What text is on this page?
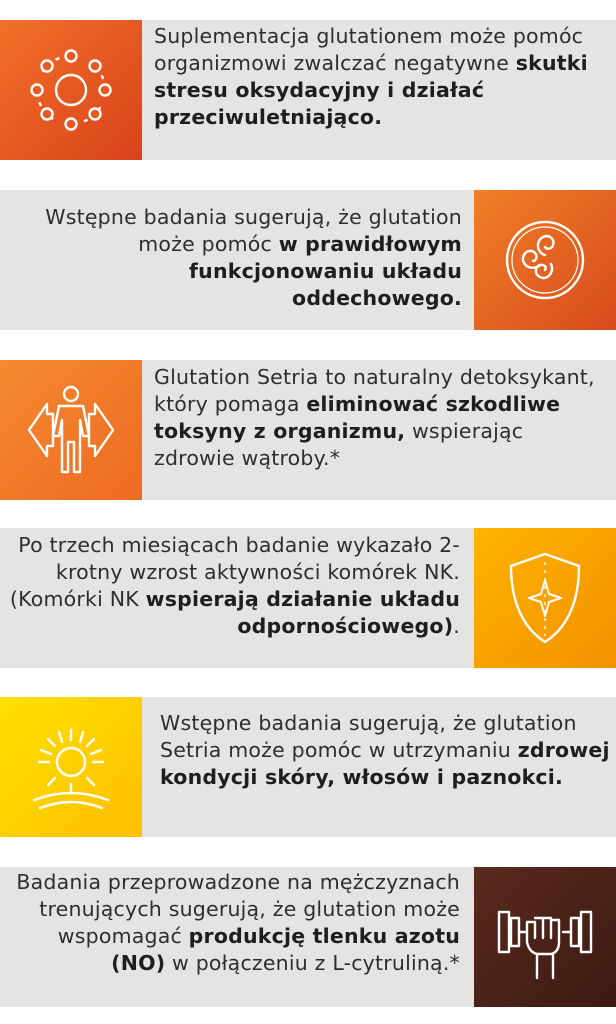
Suplementacja glutationem może pomóc organizmowi zwalczać negatywne skutki stresu oksydacyjny i działać przeciwuletniająco.
Wstępne badania sugerują, że glutation może pomóc w prawidłowym funkcjonowaniu układu oddechowego.
Glutation Setria to naturalny detoksykant, który pomaga eliminować szkodliwe toksyny z organizmu, wspierając zdrowie wątroby.*
Po trzech miesiącach badanie wykazało 2-krotny wzrost aktywności komórek NK. (Komórki NK wspierają działanie układu odpornościowego).
Wstępne badania sugerują, że glutation Setria może pomóc w utrzymaniu zdrowej kondycji skóry, włosów i paznokci.
Badania przeprowadzone na mężczyznach trenujących sugerują, że glutation może wspomagać produkcję tlenku azotu (NO) w połączeniu z L-cytruliną.*
